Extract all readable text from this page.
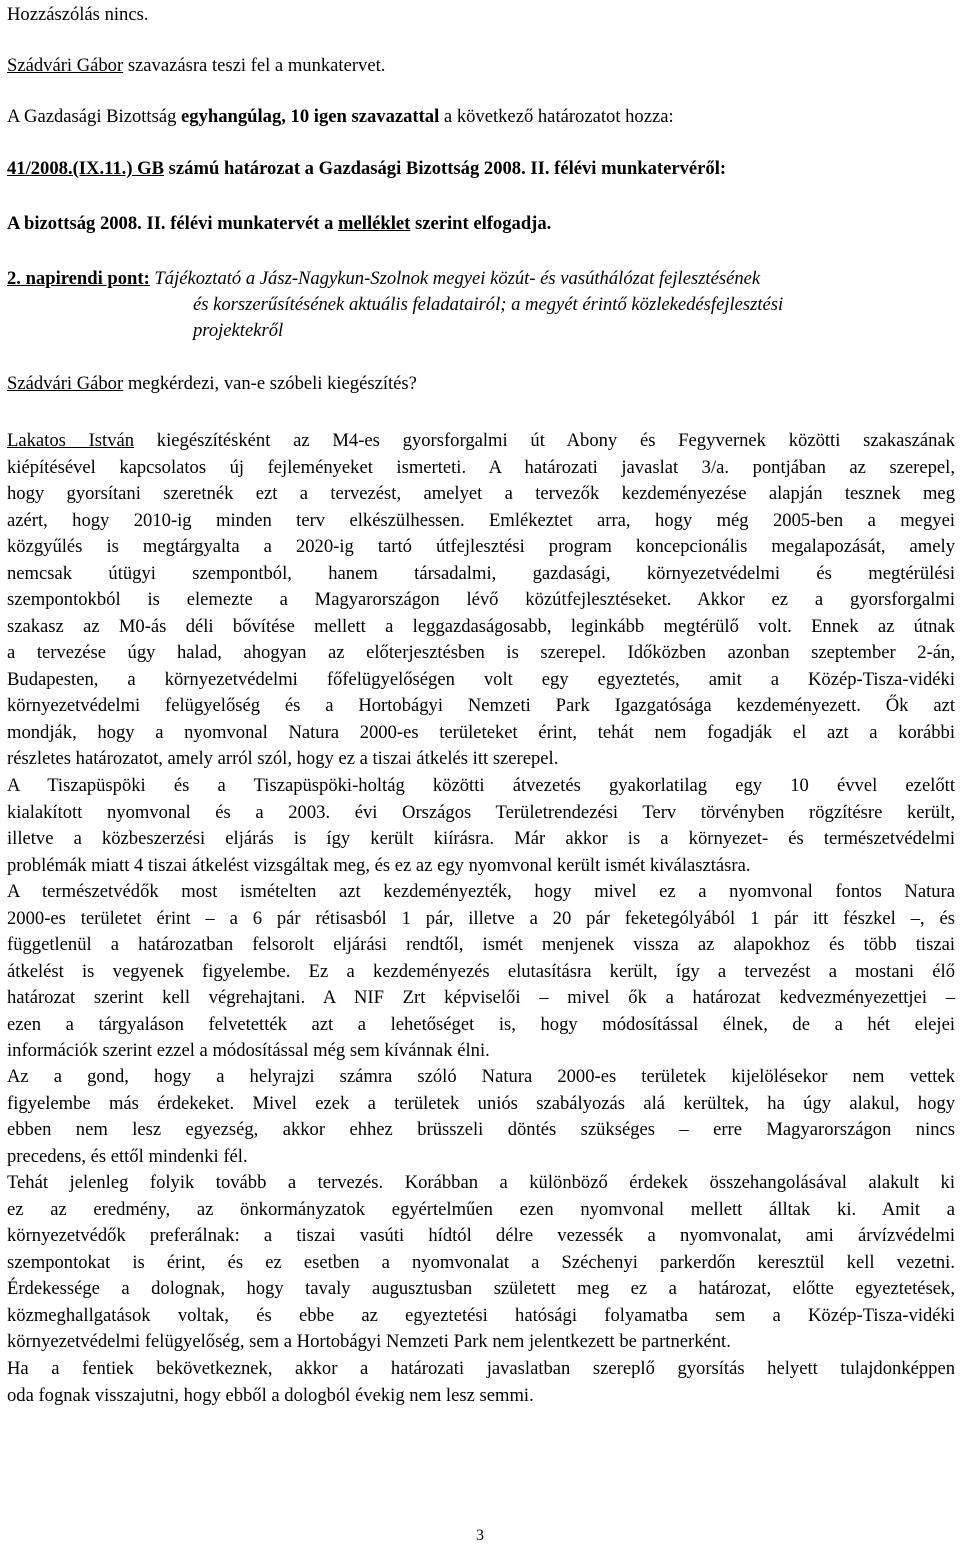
Hozzászólás nincs.
Szádvári Gábor szavazásra teszi fel a munkatervet.
A Gazdasági Bizottság egyhangúlag, 10 igen szavazattal a következő határozatot hozza:
41/2008.(IX.11.) GB számú határozat a Gazdasági Bizottság 2008. II. félévi munkatervéről:
A bizottság 2008. II. félévi munkatervét a melléklet szerint elfogadja.
2. napirendi pont: Tájékoztató a Jász-Nagykun-Szolnok megyei közút- és vasúthálózat fejlesztésének
és korszerűsítésének aktuális feladatairól; a megyét érintő közlekedésfejlesztési
projektekről
Szádvári Gábor megkérdezi, van-e szóbeli kiegészítés?
Lakatos István kiegészítésként az M4-es gyorsforgalmi út Abony és Fegyvernek közötti szakaszának
kiépítésével kapcsolatos új fejleményeket ismerteti. A határozati javaslat 3/a. pontjában az szerepel,
hogy gyorsítani szeretnék ezt a tervezést, amelyet a tervezők kezdeményezése alapján tesznek meg
azért, hogy 2010-ig minden terv elkészülhessen. Emlékeztet arra, hogy még 2005-ben a megyei
közgyűlés is megtárgyalta a 2020-ig tartó útfejlesztési program koncepcionális megalapozását, amely
nemcsak útügyi szempontból, hanem társadalmi, gazdasági, környezetvédelmi és megtérülési
szempontokból is elemezte a Magyarországon lévő közútfejlesztéseket. Akkor ez a gyorsforgalmi
szakasz az M0-ás déli bővítése mellett a leggazdaságosabb, leginkább megtérülő volt. Ennek az útnak
a tervezése úgy halad, ahogyan az előterjesztésben is szerepel. Időközben azonban szeptember 2-án,
Budapesten, a környezetvédelmi főfelügyelőségen volt egy egyeztetés, amit a Közép-Tisza-vidéki
környezetvédelmi felügyelőség és a Hortobágyi Nemzeti Park Igazgatósága kezdeményezett. Ők azt
mondják, hogy a nyomvonal Natura 2000-es területeket érint, tehát nem fogadják el azt a korábbi
részletes határozatot, amely arról szól, hogy ez a tiszai átkelés itt szerepel.
A Tiszapüspöki és a Tiszapüspöki-holtág közötti átvezetés gyakorlatilag egy 10 évvel ezelőtt
kialakított nyomvonal és a 2003. évi Országos Területrendezési Terv törvényben rögzítésre került,
illetve a közbeszerzési eljárás is így került kiírásra. Már akkor is a környezet- és természetvédelmi
problémák miatt 4 tiszai átkelést vizsgáltak meg, és ez az egy nyomvonal került ismét kiválasztásra.
A természetvédők most ismételten azt kezdeményezték, hogy mivel ez a nyomvonal fontos Natura
2000-es területet érint – a 6 pár rétisasból 1 pár, illetve a 20 pár feketególyából 1 pár itt fészkel –, és
függetlenül a határozatban felsorolt eljárási rendtől, ismét menjenek vissza az alapokhoz és több tiszai
átkelést is vegyenek figyelembe. Ez a kezdeményezés elutasításra került, így a tervezést a mostani élő
határozat szerint kell végrehajtani. A NIF Zrt képviselői – mivel ők a határozat kedvezményezettjei –
ezen a tárgyaláson felvetették azt a lehetőséget is, hogy módosítással élnek, de a hét elejei
információk szerint ezzel a módosítással még sem kívánnak élni.
Az a gond, hogy a helyrajzi számra szóló Natura 2000-es területek kijelölésekor nem vettek
figyelembe más érdekeket. Mivel ezek a területek uniós szabályozás alá kerültek, ha úgy alakul, hogy
ebben nem lesz egyezség, akkor ehhez brüsszeli döntés szükséges – erre Magyarországon nincs
precedens, és ettől mindenki fél.
Tehát jelenleg folyik tovább a tervezés. Korábban a különböző érdekek összehangolásával alakult ki
ez az eredmény, az önkormányzatok egyértelműen ezen nyomvonal mellett álltak ki. Amit a
környezetvédők preferálnak: a tiszai vasúti hídtól délre vezessék a nyomvonalat, ami árvízvédelmi
szempontokat is érint, és ez esetben a nyomvonalat a Széchenyi parkerdőn keresztül kell vezetni.
Érdekessége a dolognak, hogy tavaly augusztusban született meg ez a határozat, előtte egyeztetések,
közmeghallgatások voltak, és ebbe az egyeztetési hatósági folyamatba sem a Közép-Tisza-vidéki
környezetvédelmi felügyelőség, sem a Hortobágyi Nemzeti Park nem jelentkezett be partnerként.
Ha a fentiek bekövetkeznek, akkor a határozati javaslatban szereplő gyorsítás helyett tulajdonképpen
oda fognak visszajutni, hogy ebből a dologból évekig nem lesz semmi.
3
